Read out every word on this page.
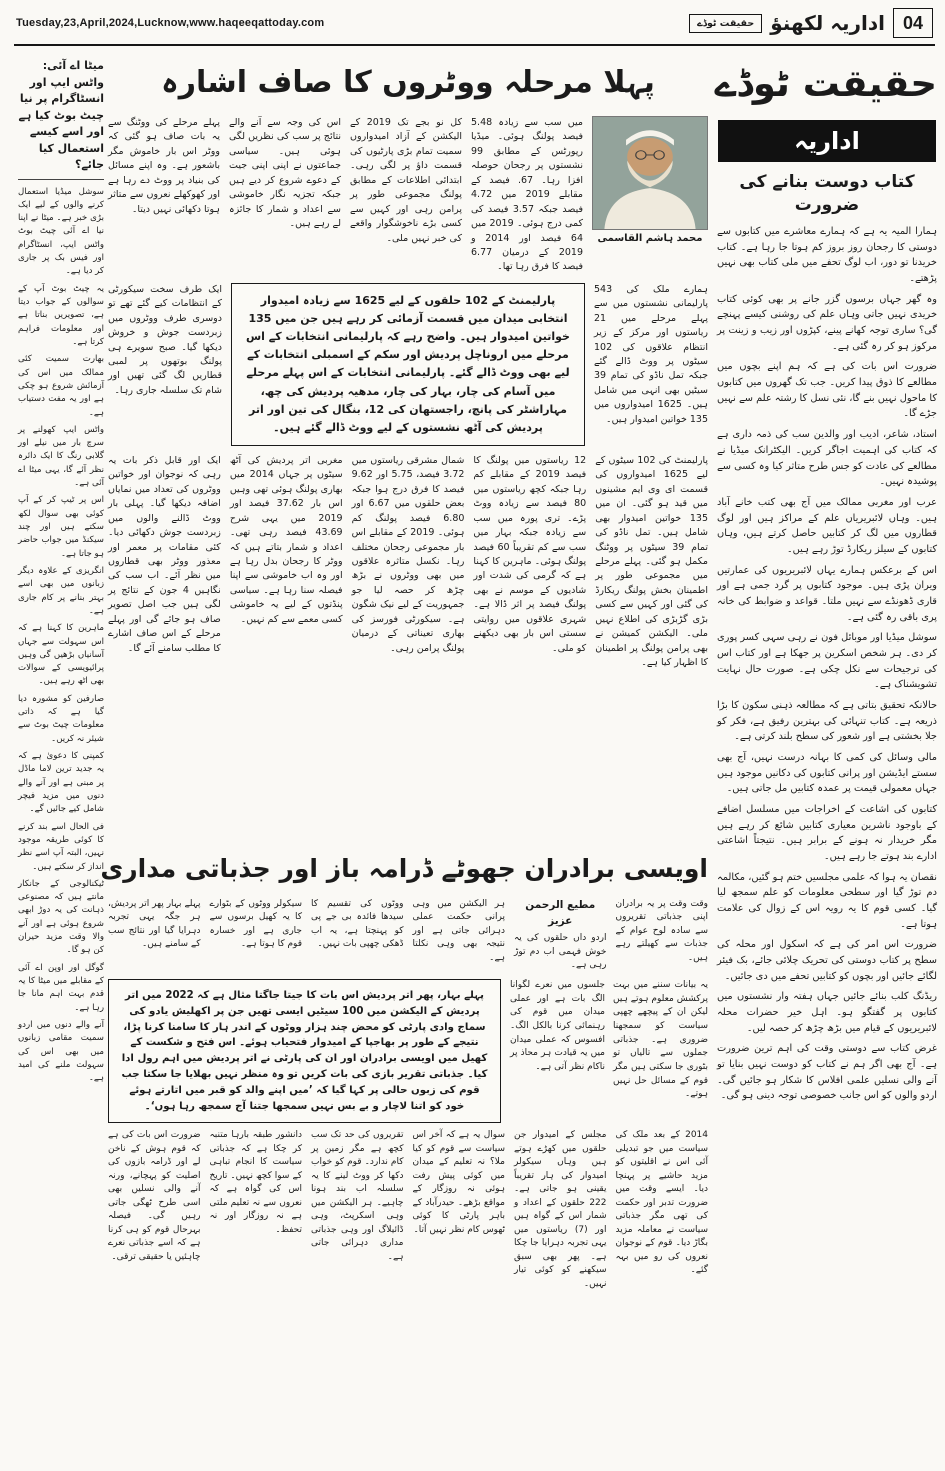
Tuesday,23,April,2024,Lucknow,www.haqeeqattoday.com	حقیقت ٹوڈے اداریہ لکھنؤ	04
میٹا اے آئی: واٹس ایپ اور انسٹاگرام پر نیا چیٹ بوٹ کیا ہے اور اسے کیسے استعمال کیا جائے؟

سوشل میڈیا استعمال کرنے والوں کے لیے ایک بڑی خبر ہے۔ میٹا نے اپنا نیا اے آئی چیٹ بوٹ واٹس ایپ، انسٹاگرام اور فیس بک پر جاری کر دیا ہے۔

یہ چیٹ بوٹ آپ کے سوالوں کے جواب دیتا ہے، تصویریں بناتا ہے اور معلومات فراہم کرتا ہے۔

بھارت سمیت کئی ممالک میں اس کی آزمائش شروع ہو چکی ہے اور یہ مفت دستیاب ہے۔

واٹس ایپ کھولنے پر سرچ بار میں نیلے اور گلابی رنگ کا ایک دائرہ نظر آئے گا، یہی میٹا اے آئی ہے۔

اس پر ٹیپ کر کے آپ کوئی بھی سوال لکھ سکتے ہیں اور چند سیکنڈ میں جواب حاضر ہو جاتا ہے۔

انگریزی کے علاوہ دیگر زبانوں میں بھی اسے بہتر بنانے پر کام جاری ہے۔

ماہرین کا کہنا ہے کہ اس سہولت سے جہاں آسانیاں بڑھیں گی وہیں پرائیویسی کے سوالات بھی اٹھ رہے ہیں۔

صارفین کو مشورہ دیا گیا ہے کہ ذاتی معلومات چیٹ بوٹ سے شیئر نہ کریں۔

کمپنی کا دعویٰ ہے کہ یہ جدید ترین لاما ماڈل پر مبنی ہے اور آنے والے دنوں میں مزید فیچر شامل کیے جائیں گے۔

فی الحال اسے بند کرنے کا کوئی طریقہ موجود نہیں، البتہ آپ اسے نظر انداز کر سکتے ہیں۔

ٹیکنالوجی کے جانکار مانتے ہیں کہ مصنوعی ذہانت کی یہ دوڑ ابھی شروع ہوئی ہے اور آنے والا وقت مزید حیران کن ہو گا۔

گوگل اور اوپن اے آئی کے مقابلے میں میٹا کا یہ قدم بہت اہم مانا جا رہا ہے۔

آنے والے دنوں میں اردو سمیت مقامی زبانوں میں بھی اس کی سہولت ملنے کی امید ہے۔

پہلا مرحلہ ووٹروں کا صاف اشارہ
محمد ہاشم القاسمی
میں سب سے زیادہ 5.48 فیصد پولنگ ہوئی۔ میڈیا رپورٹس کے مطابق 99 نشستوں پر رجحان حوصلہ افزا رہا۔ 67. فیصد کے مقابلے 2019 میں 4.72 فیصد جبکہ 3.57 فیصد کی کمی درج ہوئی۔ 2019 میں 64 فیصد اور 2014 و 2019 کے درمیان 6.77 فیصد کا فرق رہا تھا۔
کل نو بجے تک 2019 کے الیکشن کے آزاد امیدواروں سمیت تمام بڑی پارٹیوں کی قسمت داؤ پر لگی رہی۔ ابتدائی اطلاعات کے مطابق پولنگ مجموعی طور پر پرامن رہی اور کہیں سے کسی بڑے ناخوشگوار واقعے کی خبر نہیں ملی۔
اس کی وجہ سے آنے والے نتائج پر سب کی نظریں لگی ہوئی ہیں۔ سیاسی جماعتوں نے اپنی اپنی جیت کے دعوے شروع کر دیے ہیں جبکہ تجزیہ نگار خاموشی سے اعداد و شمار کا جائزہ لے رہے ہیں۔
پہلے مرحلے کی ووٹنگ سے یہ بات صاف ہو گئی کہ ووٹر اس بار خاموش مگر باشعور ہے۔ وہ اپنے مسائل کی بنیاد پر ووٹ دے رہا ہے اور کھوکھلے نعروں سے متاثر ہوتا دکھائی نہیں دیتا۔
ہمارے ملک کی 543 پارلیمانی نشستوں میں سے پہلے مرحلے میں 21 ریاستوں اور مرکز کے زیر انتظام علاقوں کی 102 سیٹوں پر ووٹ ڈالے گئے جبکہ تمل ناڈو کی تمام 39 سیٹیں بھی انہی میں شامل ہیں۔ 1625 امیدواروں میں 135 خواتین امیدوار ہیں۔
پارلیمنٹ کے 102 حلقوں کے لیے 1625 سے زیادہ امیدوار انتخابی میدان میں قسمت آزمائی کر رہے ہیں جن میں 135 خواتین امیدوار ہیں۔ واضح رہے کہ پارلیمانی انتخابات کے اس مرحلے میں اروناچل پردیش اور سکم کے اسمبلی انتخابات کے لیے بھی ووٹ ڈالے گئے۔ پارلیمانی انتخابات کے اس پہلے مرحلے میں آسام کی چار، بہار کی چار، مدھیہ پردیش کی چھ، مہاراشٹر کی پانچ، راجستھان کی 12، بنگال کی تین اور اتر پردیش کی آٹھ نشستوں کے لیے ووٹ ڈالے گئے ہیں۔
ایک طرف سخت سیکورٹی کے انتظامات کیے گئے تھے تو دوسری طرف ووٹروں میں زبردست جوش و خروش دیکھا گیا۔ صبح سویرے ہی پولنگ بوتھوں پر لمبی قطاریں لگ گئی تھیں اور شام تک سلسلہ جاری رہا۔
پارلیمنٹ کی 102 سیٹوں کے لیے 1625 امیدواروں کی قسمت ای وی ایم مشینوں میں قید ہو گئی۔ ان میں 135 خواتین امیدوار بھی شامل ہیں۔ تمل ناڈو کی تمام 39 سیٹوں پر ووٹنگ مکمل ہو گئی۔ پہلے مرحلے میں مجموعی طور پر اطمینان بخش پولنگ ریکارڈ کی گئی اور کہیں سے کسی بڑی گڑبڑی کی اطلاع نہیں ملی۔ الیکشن کمیشن نے بھی پرامن پولنگ پر اطمینان کا اظہار کیا ہے۔
12 ریاستوں میں پولنگ کا فیصد 2019 کے مقابلے کم رہا جبکہ کچھ ریاستوں میں 80 فیصد سے زیادہ ووٹ پڑے۔ تری پورہ میں سب سے زیادہ جبکہ بہار میں سب سے کم تقریباً 60 فیصد پولنگ ہوئی۔ ماہرین کا کہنا ہے کہ گرمی کی شدت اور شادیوں کے موسم نے بھی پولنگ فیصد پر اثر ڈالا ہے۔ شہری علاقوں میں روایتی سستی اس بار بھی دیکھنے کو ملی۔
شمال مشرقی ریاستوں میں 3.72 فیصد، 5.75 اور 9.62 فیصد کا فرق درج ہوا جبکہ بعض حلقوں میں 6.67 اور 6.80 فیصد پولنگ کم ہوئی۔ 2019 کے مقابلے اس بار مجموعی رجحان مختلف رہا۔ نکسل متاثرہ علاقوں میں بھی ووٹروں نے بڑھ چڑھ کر حصہ لیا جو جمہوریت کے لیے نیک شگون ہے۔ سیکورٹی فورسز کی بھاری تعیناتی کے درمیان پولنگ پرامن رہی۔
مغربی اتر پردیش کی آٹھ سیٹوں پر جہاں 2014 میں بھاری پولنگ ہوئی تھی وہیں اس بار 37.62 فیصد اور 2019 میں یہی شرح 43.69 فیصد رہی تھی۔ اعداد و شمار بتاتے ہیں کہ ووٹر کا رجحان بدل رہا ہے اور وہ اب خاموشی سے اپنا فیصلہ سنا رہا ہے۔ سیاسی پنڈتوں کے لیے یہ خاموشی کسی معمے سے کم نہیں۔
ایک اور قابل ذکر بات یہ رہی کہ نوجوان اور خواتین ووٹروں کی تعداد میں نمایاں اضافہ دیکھا گیا۔ پہلی بار ووٹ ڈالنے والوں میں زبردست جوش دکھائی دیا۔ کئی مقامات پر معمر اور معذور ووٹر بھی قطاروں میں نظر آئے۔ اب سب کی نگاہیں 4 جون کے نتائج پر لگی ہیں جب اصل تصویر صاف ہو جائے گی اور پہلے مرحلے کے اس صاف اشارے کا مطلب سامنے آئے گا۔
اویسی برادران جھوٹے ڈرامہ باز اور جذباتی مداری
وقت وقت پر یہ برادران اپنی جذباتی تقریروں سے سادہ لوح عوام کے جذبات سے کھیلتے رہے ہیں۔
مطیع الرحمن عزیز
اردو داں حلقوں کی یہ خوش فہمی اب دم توڑ رہی ہے۔
ہر الیکشن میں وہی پرانی حکمت عملی دہرائی جاتی ہے اور نتیجہ بھی وہی نکلتا ہے۔
ووٹوں کی تقسیم کا سیدھا فائدہ بی جے پی کو پہنچتا ہے، یہ اب ڈھکی چھپی بات نہیں۔
سیکولر ووٹوں کے بٹوارے کا یہ کھیل برسوں سے جاری ہے اور خسارہ قوم کا ہوتا ہے۔
پہلے بہار پھر اتر پردیش، ہر جگہ یہی تجربہ دہرایا گیا اور نتائج سب کے سامنے ہیں۔
یہ بیانات سننے میں بہت پرکشش معلوم ہوتے ہیں لیکن ان کے پیچھے چھپی سیاست کو سمجھنا ضروری ہے۔ جذباتی جملوں سے تالیاں تو بٹوری جا سکتی ہیں مگر قوم کے مسائل حل نہیں ہوتے۔
جلسوں میں نعرے لگوانا الگ بات ہے اور عملی میدان میں قوم کی رہنمائی کرنا بالکل الگ۔ افسوس کہ عملی میدان میں یہ قیادت ہر محاذ پر ناکام نظر آتی ہے۔
پہلے بہار، پھر اتر پردیش اس بات کا جیتا جاگتا مثال ہے کہ 2022 میں اتر پردیش کے الیکشن میں 100 سیٹیں ایسی تھیں جن پر اکھلیش یادو کی سماج وادی پارٹی کو محض چند ہزار ووٹوں کے اندر ہار کا سامنا کرنا پڑا، نتیجے کے طور پر بھاجپا کے امیدوار فتحیاب ہوئے۔ اس فتح و شکست کے کھیل میں اویسی برادران اور ان کی پارٹی نے اتر پردیش میں اہم رول ادا کیا۔ جذباتی تقریر بازی کی بات کریں تو وہ منظر نہیں بھلایا جا سکتا جب قوم کی زبوں حالی پر کہا گیا کہ ’میں اپنے والد کو قبر میں اتارتے ہوئے خود کو اتنا لاچار و بے بس نہیں سمجھا جتنا آج سمجھ رہا ہوں‘۔
2014 کے بعد ملک کی سیاست میں جو تبدیلی آئی اس نے اقلیتوں کو مزید حاشیے پر پہنچا دیا۔ ایسے وقت میں ضرورت تدبر اور حکمت کی تھی مگر جذباتی سیاست نے معاملہ مزید بگاڑ دیا۔ قوم کے نوجوان نعروں کی رو میں بہہ گئے۔
مجلس کے امیدوار جن حلقوں میں کھڑے ہوتے ہیں وہاں سیکولر امیدوار کی ہار تقریباً یقینی ہو جاتی ہے۔ 222 حلقوں کے اعداد و شمار اس کے گواہ ہیں اور (7) ریاستوں میں یہی تجربہ دہرایا جا چکا ہے۔ پھر بھی سبق سیکھنے کو کوئی تیار نہیں۔
سوال یہ ہے کہ آخر اس سیاست سے قوم کو کیا ملا؟ نہ تعلیم کے میدان میں کوئی پیش رفت ہوئی نہ روزگار کے مواقع بڑھے۔ حیدرآباد کے باہر پارٹی کا کوئی ٹھوس کام نظر نہیں آتا۔
تقریروں کی حد تک سب کچھ ہے مگر زمین پر کام ندارد۔ قوم کو خواب دکھا کر ووٹ لینے کا یہ سلسلہ اب بند ہونا چاہیے۔ ہر الیکشن میں وہی اسکرپٹ، وہی ڈائیلاگ اور وہی جذباتی مداری دہرائی جاتی ہے۔
دانشور طبقہ بارہا متنبہ کر چکا ہے کہ جذباتی سیاست کا انجام تباہی کے سوا کچھ نہیں۔ تاریخ اس کی گواہ ہے کہ نعروں سے نہ تعلیم ملتی ہے نہ روزگار اور نہ تحفظ۔
ضرورت اس بات کی ہے کہ قوم ہوش کے ناخن لے اور ڈرامہ بازوں کی اصلیت کو پہچانے، ورنہ آنے والی نسلیں بھی اسی طرح ٹھگی جاتی رہیں گی۔ فیصلہ بہرحال قوم کو ہی کرنا ہے کہ اسے جذباتی نعرے چاہئیں یا حقیقی ترقی۔
حقیقت ٹوڈے
اداریہ
کتاب دوست بنانے کی ضرورت

ہمارا المیہ یہ ہے کہ ہمارے معاشرے میں کتابوں سے دوستی کا رجحان روز بروز کم ہوتا جا رہا ہے۔ کتاب خریدنا تو دور، اب لوگ تحفے میں ملی کتاب بھی نہیں پڑھتے۔

وہ گھر جہاں برسوں گزر جانے پر بھی کوئی کتاب خریدی نہیں جاتی وہاں علم کی روشنی کیسے پہنچے گی؟ ساری توجہ کھانے پینے، کپڑوں اور زیب و زینت پر مرکوز ہو کر رہ گئی ہے۔

ضرورت اس بات کی ہے کہ ہم اپنے بچوں میں مطالعے کا ذوق پیدا کریں۔ جب تک گھروں میں کتابوں کا ماحول نہیں بنے گا، نئی نسل کا رشتہ علم سے نہیں جڑے گا۔

استاد، شاعر، ادیب اور والدین سب کی ذمہ داری ہے کہ کتاب کی اہمیت اجاگر کریں۔ الیکٹرانک میڈیا نے مطالعے کی عادت کو جس طرح متاثر کیا وہ کسی سے پوشیدہ نہیں۔

عرب اور مغربی ممالک میں آج بھی کتب خانے آباد ہیں۔ وہاں لائبریریاں علم کے مراکز ہیں اور لوگ قطاروں میں لگ کر کتابیں حاصل کرتے ہیں، وہاں کتابوں کے سیلز ریکارڈ توڑ رہے ہیں۔

اس کے برعکس ہمارے یہاں لائبریریوں کی عمارتیں ویران پڑی ہیں۔ موجود کتابوں پر گرد جمی ہے اور قاری ڈھونڈے سے نہیں ملتا۔ قواعد و ضوابط کی خانہ پری باقی رہ گئی ہے۔

سوشل میڈیا اور موبائل فون نے رہی سہی کسر پوری کر دی۔ ہر شخص اسکرین پر جھکا ہے اور کتاب اس کی ترجیحات سے نکل چکی ہے۔ صورت حال نہایت تشویشناک ہے۔

حالانکہ تحقیق بتاتی ہے کہ مطالعہ ذہنی سکون کا بڑا ذریعہ ہے۔ کتاب تنہائی کی بہترین رفیق ہے، فکر کو جلا بخشتی ہے اور شعور کی سطح بلند کرتی ہے۔

مالی وسائل کی کمی کا بہانہ درست نہیں، آج بھی سستے ایڈیشن اور پرانی کتابوں کی دکانیں موجود ہیں جہاں معمولی قیمت پر عمدہ کتابیں مل جاتی ہیں۔

کتابوں کی اشاعت کے اخراجات میں مسلسل اضافے کے باوجود ناشرین معیاری کتابیں شائع کر رہے ہیں مگر خریدار نہ ہونے کے برابر ہیں۔ نتیجتاً اشاعتی ادارے بند ہوتے جا رہے ہیں۔

نقصان یہ ہوا کہ علمی مجلسیں ختم ہو گئیں، مکالمہ دم توڑ گیا اور سطحی معلومات کو علم سمجھ لیا گیا۔ کسی قوم کا یہ رویہ اس کے زوال کی علامت ہوتا ہے۔

ضرورت اس امر کی ہے کہ اسکول اور محلہ کی سطح پر کتاب دوستی کی تحریک چلائی جائے، بک فیئر لگائے جائیں اور بچوں کو کتابیں تحفے میں دی جائیں۔

ریڈنگ کلب بنائے جائیں جہاں ہفتہ وار نشستوں میں کتابوں پر گفتگو ہو۔ اہل خیر حضرات محلہ لائبریریوں کے قیام میں بڑھ چڑھ کر حصہ لیں۔

غرض کتاب سے دوستی وقت کی اہم ترین ضرورت ہے۔ آج بھی اگر ہم نے کتاب کو دوست نہیں بنایا تو آنے والی نسلیں علمی افلاس کا شکار ہو جائیں گی۔ اردو والوں کو اس جانب خصوصی توجہ دینی ہو گی۔
